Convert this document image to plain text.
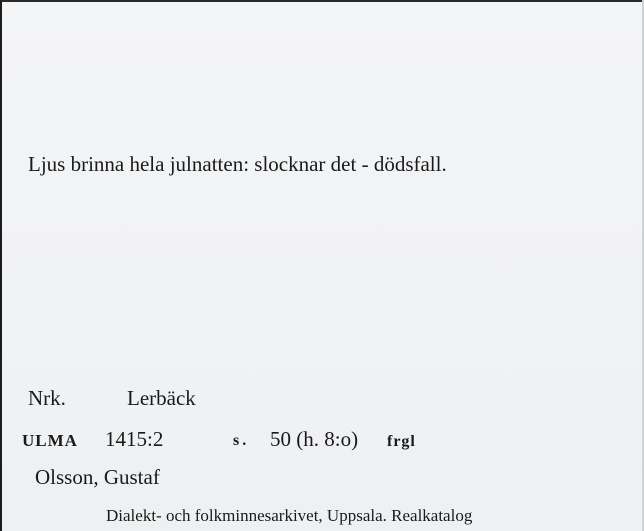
Ljus brinna hela julnatten: slocknar det - dödsfall.
Nrk.	Lerbäck
ULMA 1415:2	s. 50 (h. 8:o) frgl
Olsson, Gustaf
Dialekt- och folkminnesarkivet, Uppsala. Realkatalog
